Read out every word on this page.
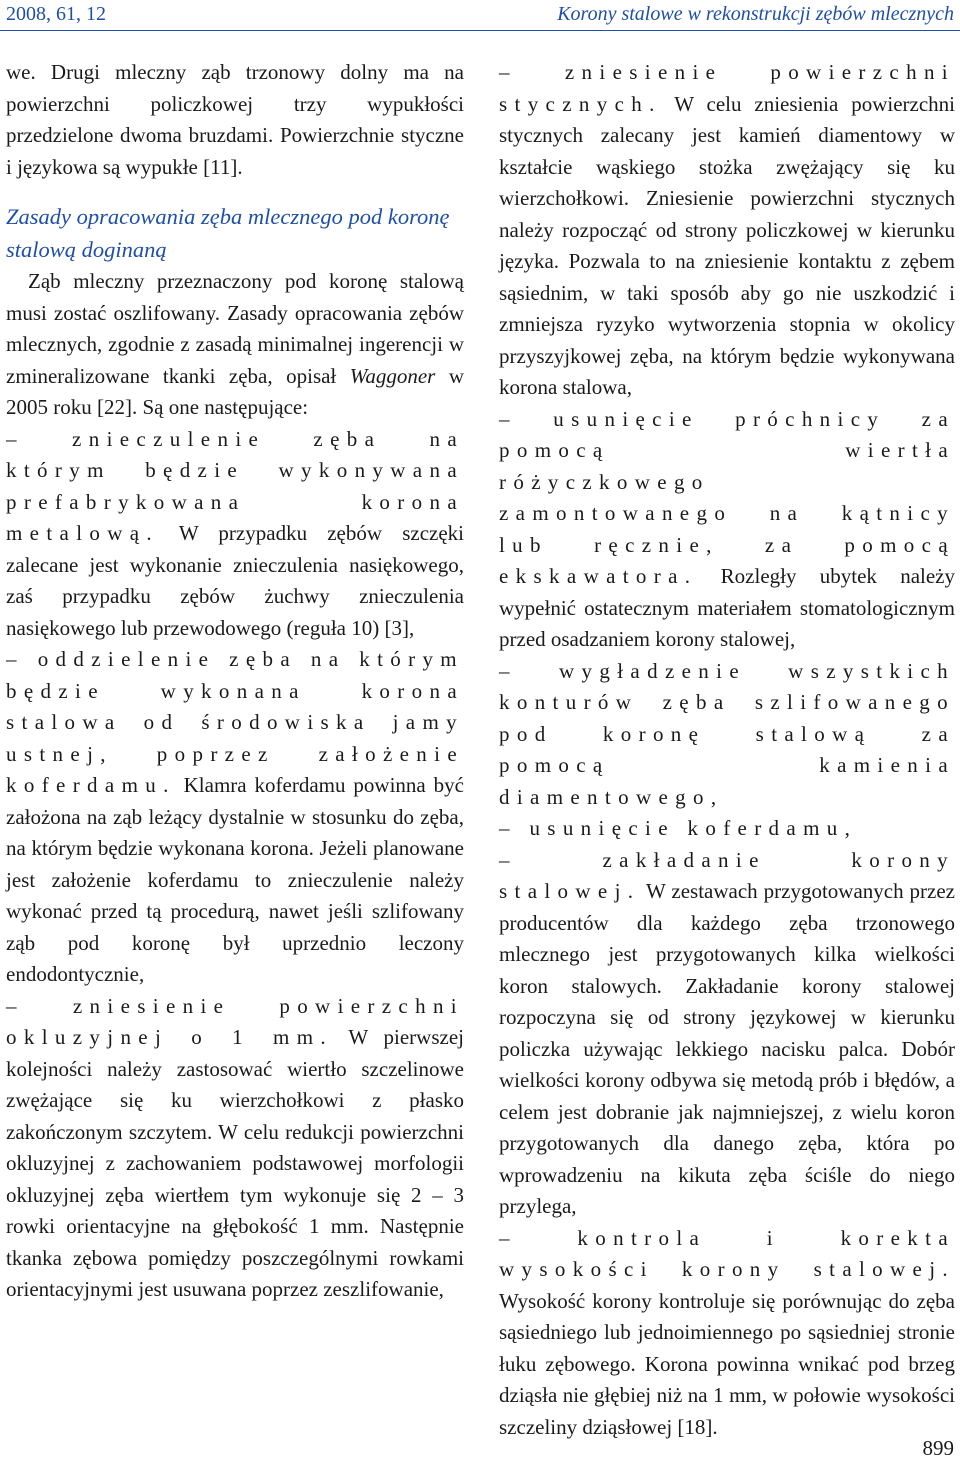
2008, 61, 12	Korony stalowe w rekonstrukcji zębów mlecznych

we. Drugi mleczny ząb trzonowy dolny ma na powierzchni policzkowej trzy wypukłości przedzielone dwoma bruzdami. Powierzchnie styczne i językowa są wypukłe [11].

Zasady opracowania zęba mlecznego pod koronę stalową doginaną

Ząb mleczny przeznaczony pod koronę stalową musi zostać oszlifowany. Zasady opracowania zębów mlecznych, zgodnie z zasadą minimalnej ingerencji w zmineralizowane tkanki zęba, opisał Waggoner w 2005 roku [22]. Są one następujące:

– znieczulenie zęba na którym będzie wykonywana prefabrykowana korona metalową. W przypadku zębów szczęki zalecane jest wykonanie znieczulenia nasiękowego, zaś przypadku zębów żuchwy znieczulenia nasiękowego lub przewodowego (reguła 10) [3],

– oddzielenie zęba na którym będzie wykonana korona stalowa od środowiska jamy ustnej, poprzez założenie koferdamu. Klamra koferdamu powinna być założona na ząb leżący dystalnie w stosunku do zęba, na którym będzie wykonana korona. Jeżeli planowane jest założenie koferdamu to znieczulenie należy wykonać przed tą procedurą, nawet jeśli szlifowany ząb pod koronę był uprzednio leczony endodontycznie,

– zniesienie powierzchni okluzyjnej o 1 mm. W pierwszej kolejności należy zastosować wiertło szczelinowe zwężające się ku wierzchołkowi z płasko zakończonym szczytem. W celu redukcji powierzchni okluzyjnej z zachowaniem podstawowej morfologii okluzyjnej zęba wiertłem tym wykonuje się 2 – 3 rowki orientacyjne na głębokość 1 mm. Następnie tkanka zębowa pomiędzy poszczególnymi rowkami orientacyjnymi jest usuwana poprzez zeszlifowanie,

– zniesienie powierzchni stycznych. W celu zniesienia powierzchni stycznych zalecany jest kamień diamentowy w kształcie wąskiego stożka zwężający się ku wierzchołkowi. Zniesienie powierzchni stycznych należy rozpocząć od strony policzkowej w kierunku języka. Pozwala to na zniesienie kontaktu z zębem sąsiednim, w taki sposób aby go nie uszkodzić i zmniejsza ryzyko wytworzenia stopnia w okolicy przyszyjkowej zęba, na którym będzie wykonywana korona stalowa,

– usunięcie próchnicy za pomocą wiertła różyczkowego zamontowanego na kątnicy lub ręcznie, za pomocą ekskawatora. Rozległy ubytek należy wypełnić ostatecznym materiałem stomatologicznym przed osadzaniem korony stalowej,

– wygładzenie wszystkich konturów zęba szlifowanego pod koronę stalową za pomocą kamienia diamentowego,

– usunięcie koferdamu,

– zakładanie korony stalowej. W zestawach przygotowanych przez producentów dla każdego zęba trzonowego mlecznego jest przygotowanych kilka wielkości koron stalowych. Zakładanie korony stalowej rozpoczyna się od strony językowej w kierunku policzka używając lekkiego nacisku palca. Dobór wielkości korony odbywa się metodą prób i błędów, a celem jest dobranie jak najmniejszej, z wielu koron przygotowanych dla danego zęba, która po wprowadzeniu na kikuta zęba ściśle do niego przylega,

– kontrola i korekta wysokości korony stalowej. Wysokość korony kontroluje się porównując do zęba sąsiedniego lub jednoimiennego po sąsiedniej stronie łuku zębowego. Korona powinna wnikać pod brzeg dziąsła nie głębiej niż na 1 mm, w połowie wysokości szczeliny dziąsłowej [18].

899
